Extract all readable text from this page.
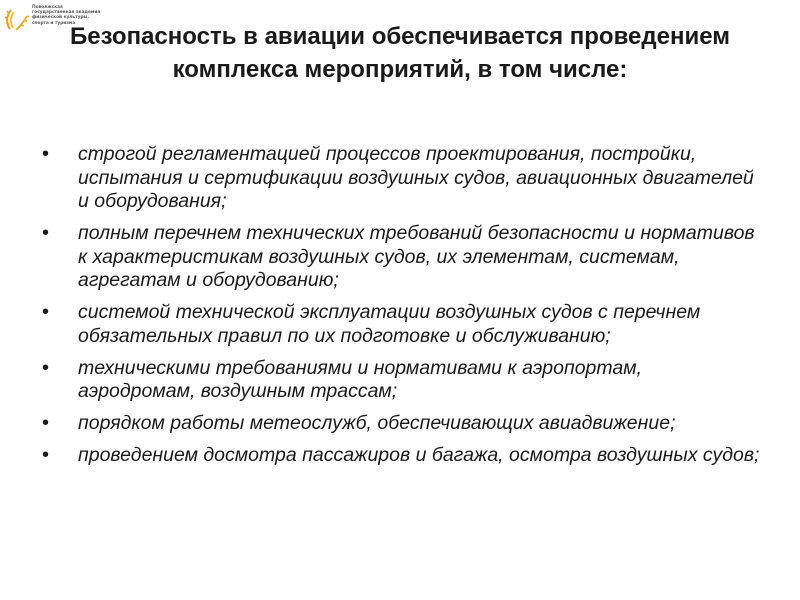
Поволжская
государственная академия
физической культуры,
спорта и туризма
Безопасность в авиации обеспечивается проведением комплекса мероприятий, в том числе:
• строгой регламентацией процессов проектирования, постройки, испытания и сертификации воздушных судов, авиационных двигателей и оборудования;
• полным перечнем технических требований безопасности и нормативов к характеристикам воздушных судов, их элементам, системам, агрегатам и оборудованию;
• системой технической эксплуатации воздушных судов с перечнем обязательных правил по их подготовке и обслуживанию;
• техническими требованиями и нормативами к аэропортам, аэродромам, воздушным трассам;
• порядком работы метеослужб, обеспечивающих авиадвижение;
• проведением досмотра пассажиров и багажа, осмотра воздушных судов;
